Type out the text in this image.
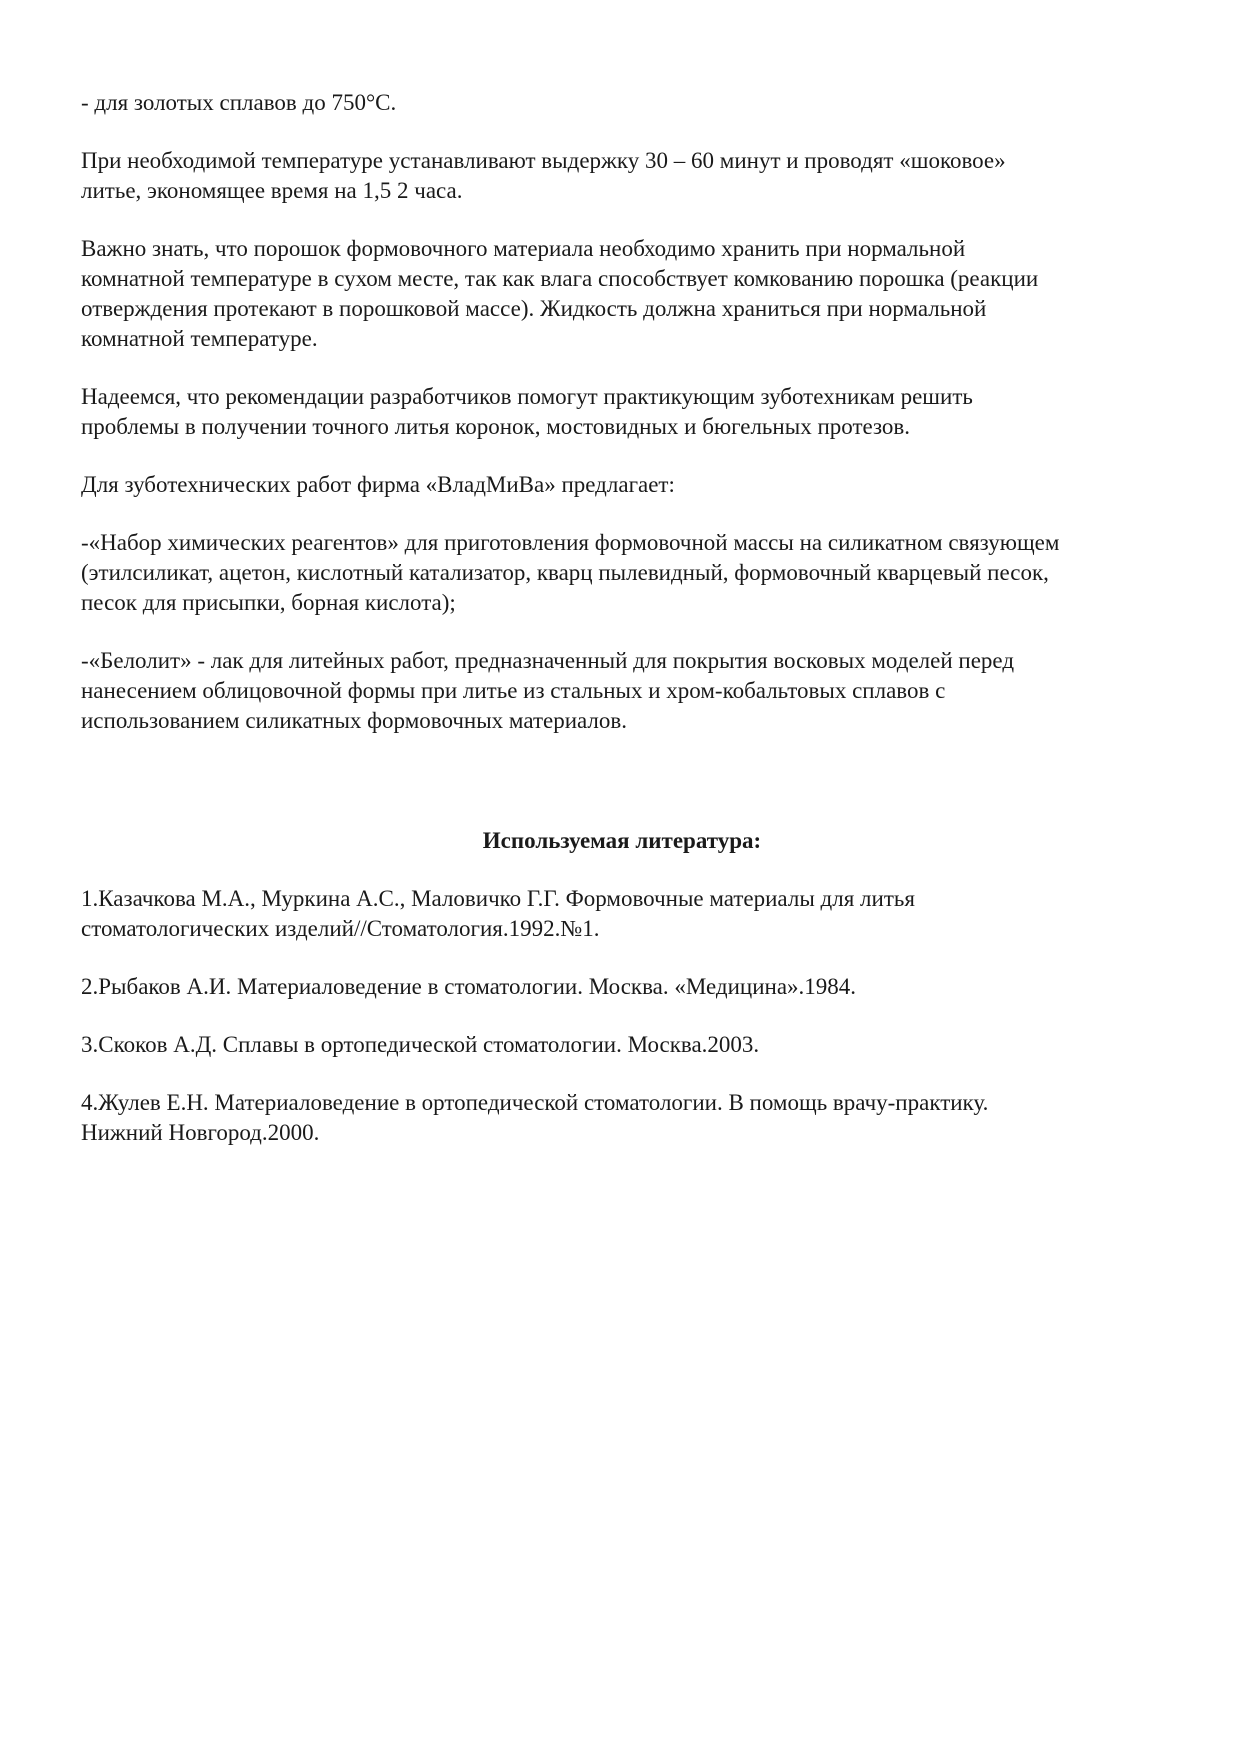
- для золотых сплавов до 750°С.

При необходимой температуре устанавливают выдержку 30 – 60 минут и проводят «шоковое»
литье, экономящее время на 1,5 2 часа.

Важно знать, что порошок формовочного материала необходимо хранить при нормальной
комнатной температуре в сухом месте, так как влага способствует комкованию порошка (реакции
отверждения протекают в порошковой массе). Жидкость должна храниться при нормальной
комнатной температуре.

Надеемся, что рекомендации разработчиков помогут практикующим зуботехникам решить
проблемы в получении точного литья коронок, мостовидных и бюгельных протезов.

Для зуботехнических работ фирма «ВладМиВа» предлагает:

-«Набор химических реагентов» для приготовления формовочной массы на силикатном связующем
(этилсиликат, ацетон, кислотный катализатор, кварц пылевидный, формовочный кварцевый песок,
песок для присыпки, борная кислота);

-«Белолит» - лак для литейных работ, предназначенный для покрытия восковых моделей перед
нанесением облицовочной формы при литье из стальных и хром-кобальтовых сплавов с
использованием силикатных формовочных материалов.

Используемая литература:

1.Казачкова М.А., Муркина А.С., Маловичко Г.Г. Формовочные материалы для литья
стоматологических изделий//Стоматология.1992.№1.

2.Рыбаков А.И. Материаловедение в стоматологии. Москва. «Медицина».1984.

3.Скоков А.Д. Сплавы в ортопедической стоматологии. Москва.2003.

4.Жулев Е.Н. Материаловедение в ортопедической стоматологии. В помощь врачу-практику.
Нижний Новгород.2000.
